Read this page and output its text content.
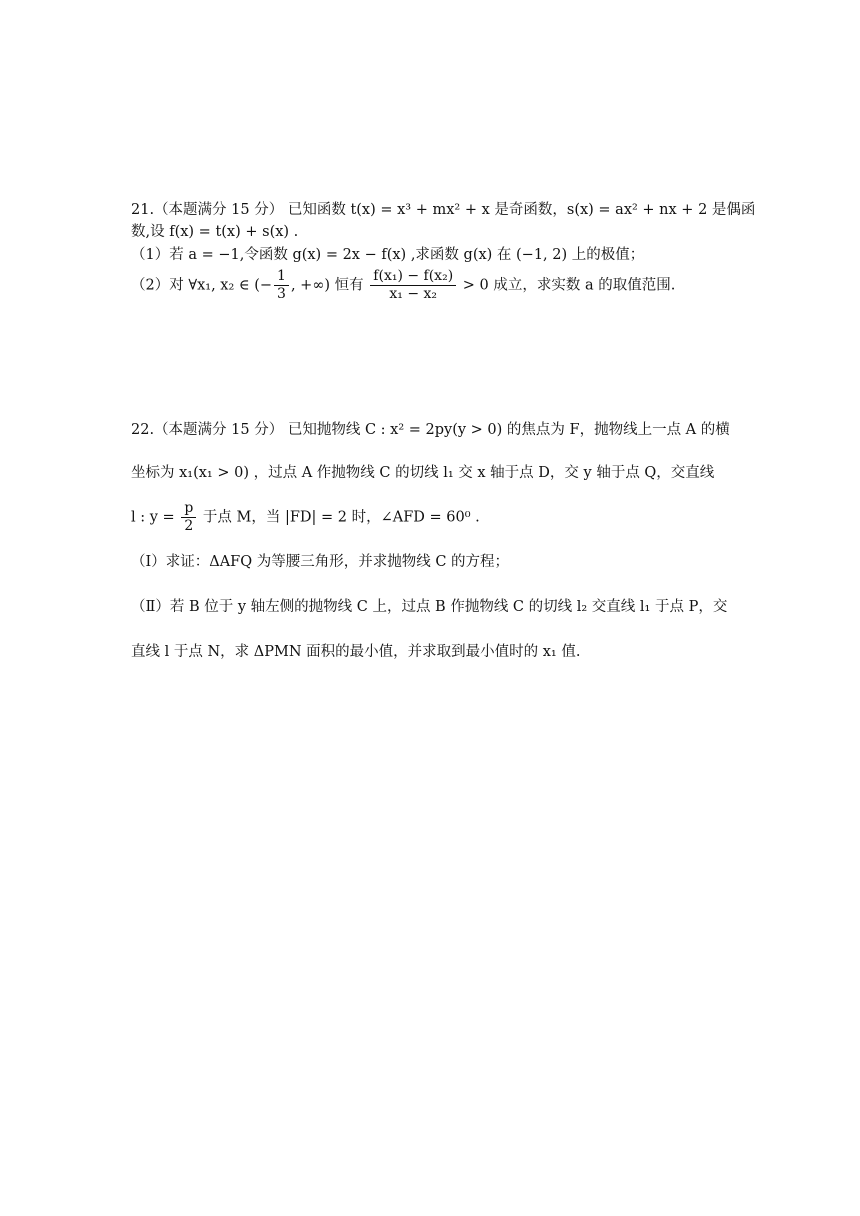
21.（本题满分 15 分） 已知函数 t(x) = x³ + mx² + x 是奇函数，s(x) = ax² + nx + 2 是偶函
数,设 f(x) = t(x) + s(x) .
（1）若 a = −1,令函数 g(x) = 2x − f(x) ,求函数 g(x) 在 (−1, 2) 上的极值；
（2）对 ∀x₁, x₂ ∈ (− $\frac{1}{3}$ , +∞) 恒有 $\frac{\text{f(x₁) − f(x₂)}}{\text{x₁ − x₂}} > 0$ 成立，求实数 a 的取值范围.
22.（本题满分 15 分） 已知抛物线 C : x² = 2py(y > 0) 的焦点为 F，抛物线上一点 A 的横
坐标为 x₁(x₁ > 0) ，过点 A 作抛物线 C 的切线 l₁ 交 x 轴于点 D，交 y 轴于点 Q，交直线
l : $y = \frac{p}{2}$ 于点 M，当 |FD| = 2 时，∠AFD = 60⁰ .
（Ⅰ）求证：ΔAFQ 为等腰三角形，并求抛物线 C 的方程；
（Ⅱ）若 B 位于 y 轴左侧的抛物线 C 上，过点 B 作抛物线 C 的切线 l₂ 交直线 l₁ 于点 P，交
直线 l 于点 N，求 ΔPMN 面积的最小值，并求取到最小值时的 x₁ 值.
